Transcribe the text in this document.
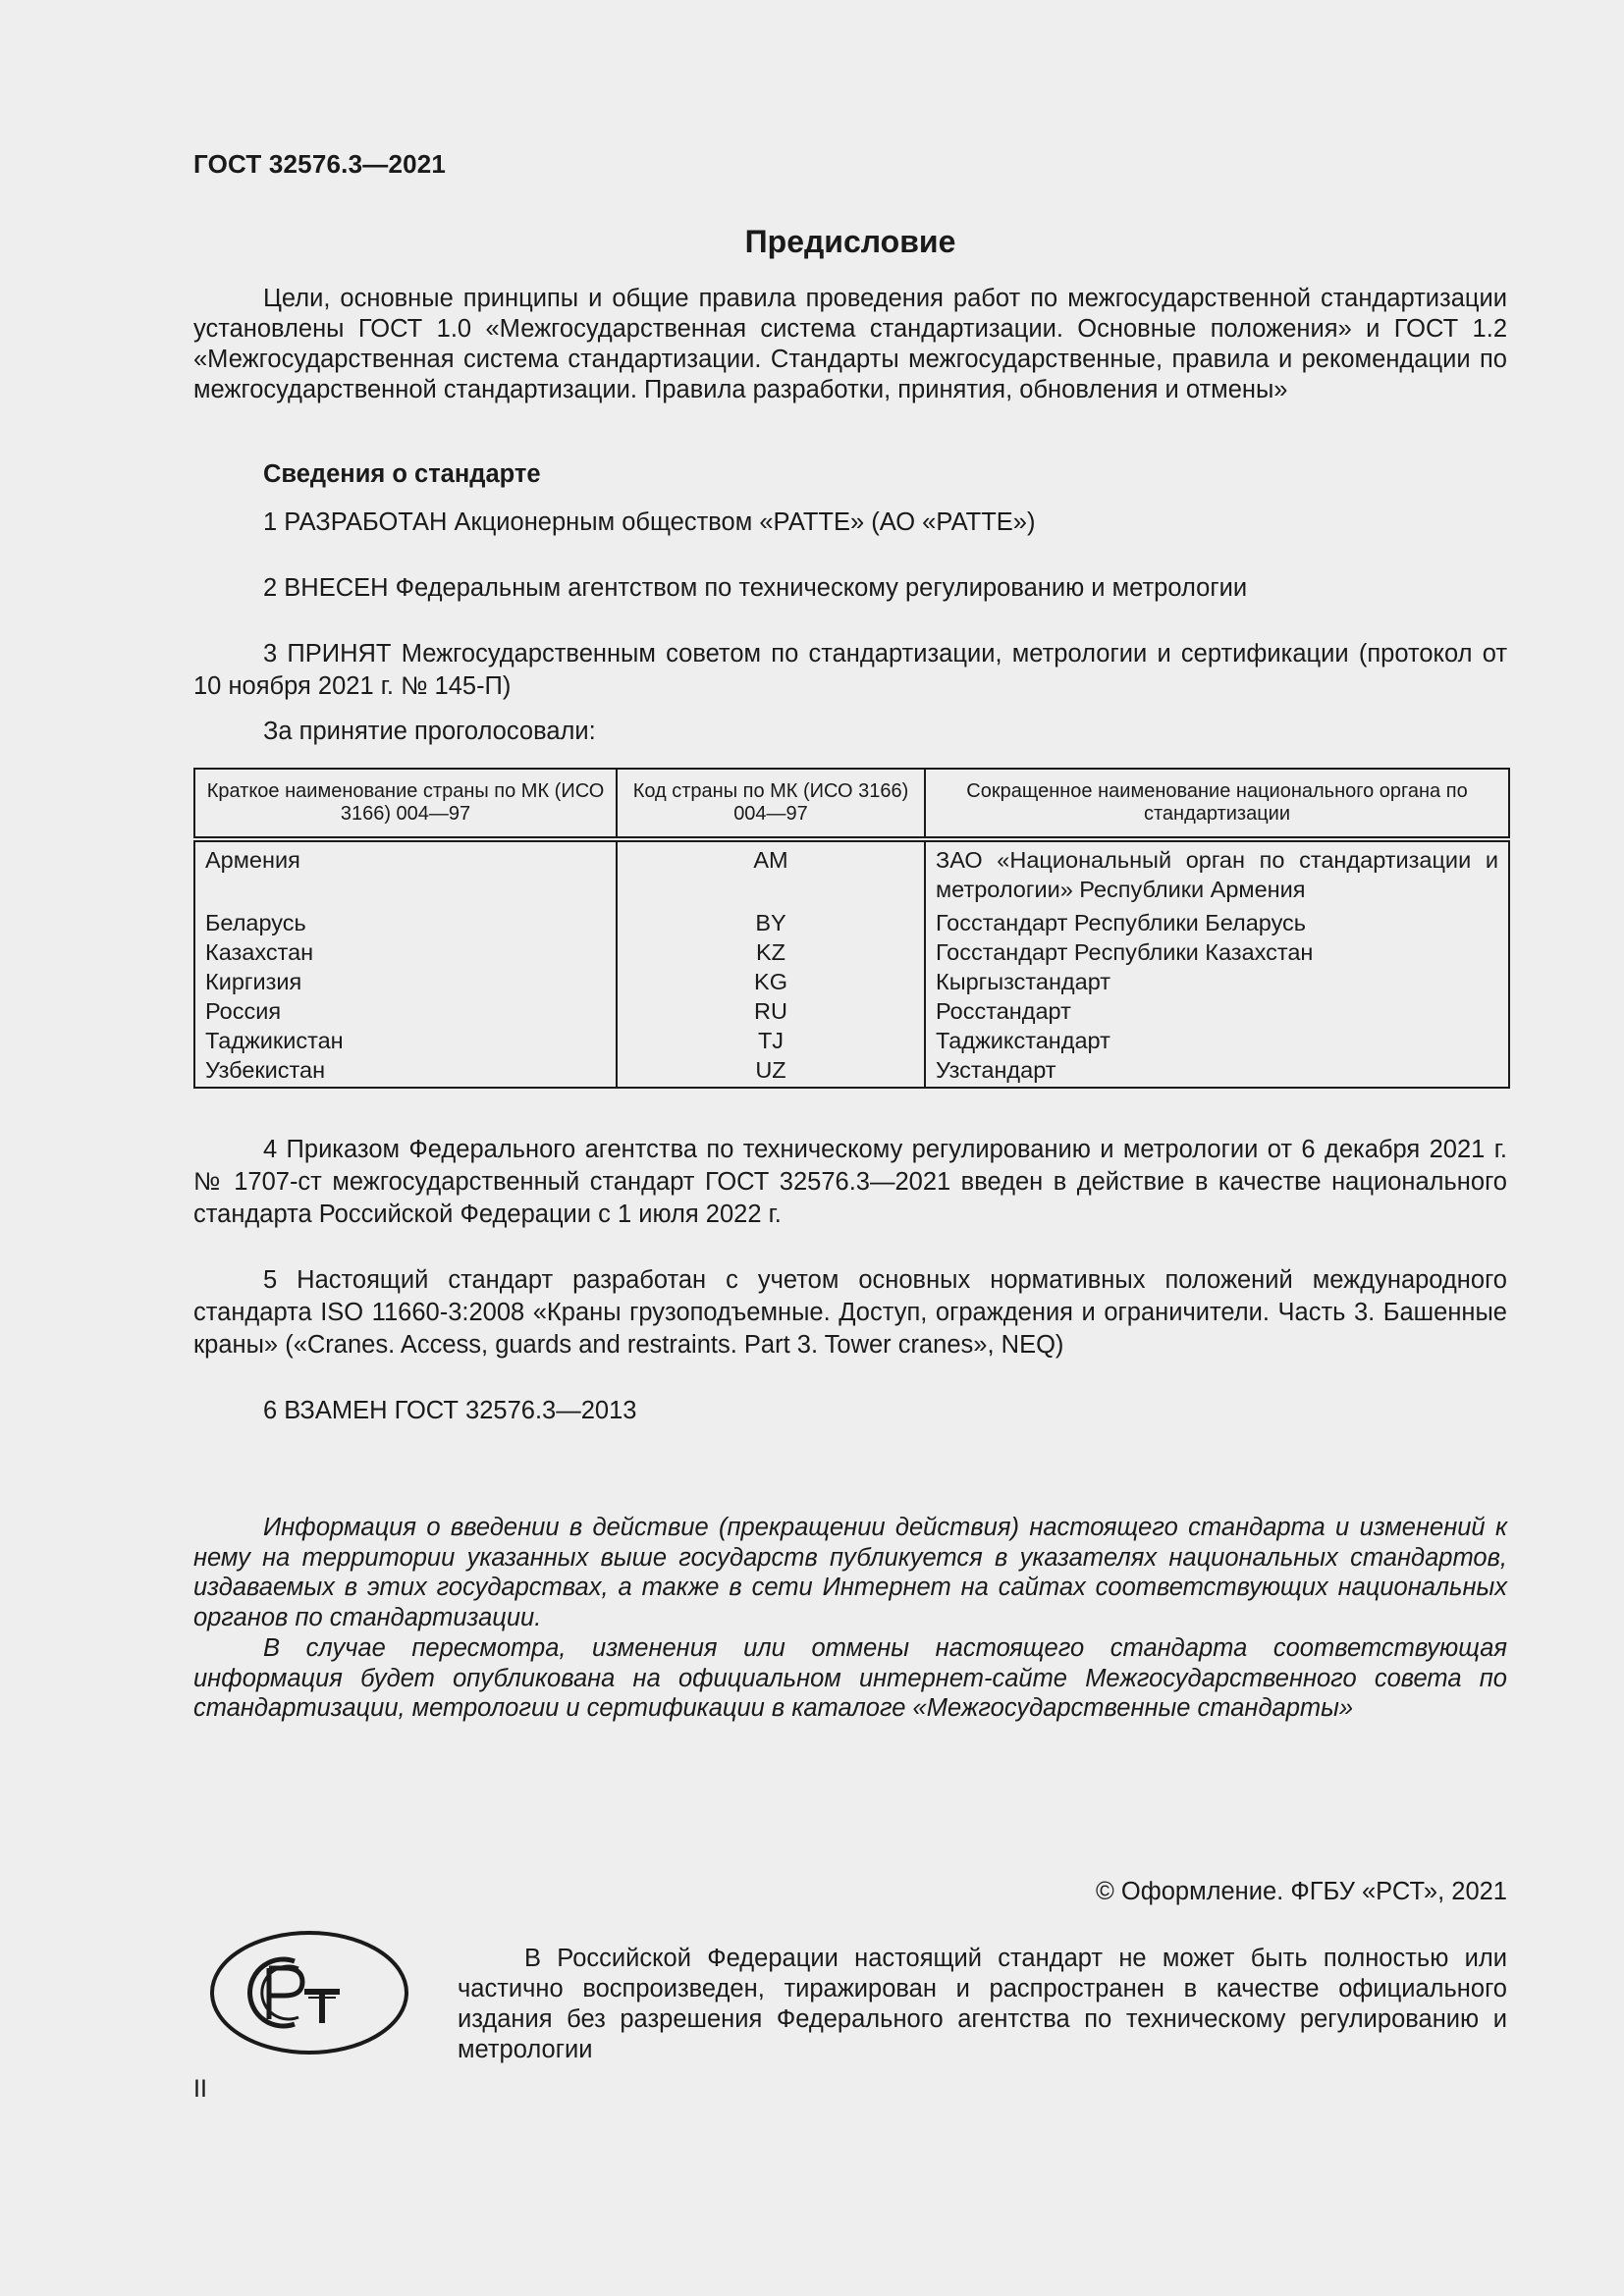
ГОСТ 32576.3—2021
Предисловие
Цели, основные принципы и общие правила проведения работ по межгосударственной стандартизации установлены ГОСТ 1.0 «Межгосударственная система стандартизации. Основные положения» и ГОСТ 1.2 «Межгосударственная система стандартизации. Стандарты межгосударственные, правила и рекомендации по межгосударственной стандартизации. Правила разработки, принятия, обновления и отмены»
Сведения о стандарте
1 РАЗРАБОТАН Акционерным обществом «РАТТЕ» (АО «РАТТЕ»)
2 ВНЕСЕН Федеральным агентством по техническому регулированию и метрологии
3 ПРИНЯТ Межгосударственным советом по стандартизации, метрологии и сертификации (протокол от 10 ноября 2021 г. № 145-П)
За принятие проголосовали:
Краткое наименование страны по МК (ИСО 3166) 004—97	Код страны по МК (ИСО 3166) 004—97	Сокращенное наименование национального органа по стандартизации
Армения	AM	ЗАО «Национальный орган по стандартизации и метрологии» Республики Армения
Беларусь	BY	Госстандарт Республики Беларусь
Казахстан	KZ	Госстандарт Республики Казахстан
Киргизия	KG	Кыргызстандарт
Россия	RU	Росстандарт
Таджикистан	TJ	Таджикстандарт
Узбекистан	UZ	Узстандарт
4 Приказом Федерального агентства по техническому регулированию и метрологии от 6 декабря 2021 г. № 1707-ст межгосударственный стандарт ГОСТ 32576.3—2021 введен в действие в качестве национального стандарта Российской Федерации с 1 июля 2022 г.
5 Настоящий стандарт разработан с учетом основных нормативных положений международного стандарта ISO 11660-3:2008 «Краны грузоподъемные. Доступ, ограждения и ограничители. Часть 3. Башенные краны» («Cranes. Access, guards and restraints. Part 3. Tower cranes», NEQ)
6 ВЗАМЕН ГОСТ 32576.3—2013
Информация о введении в действие (прекращении действия) настоящего стандарта и изменений к нему на территории указанных выше государств публикуется в указателях национальных стандартов, издаваемых в этих государствах, а также в сети Интернет на сайтах соответствующих национальных органов по стандартизации.
В случае пересмотра, изменения или отмены настоящего стандарта соответствующая информация будет опубликована на официальном интернет-сайте Межгосударственного совета по стандартизации, метрологии и сертификации в каталоге «Межгосударственные стандарты»
© Оформление. ФГБУ «РСТ», 2021
В Российской Федерации настоящий стандарт не может быть полностью или частично воспроизведен, тиражирован и распространен в качестве официального издания без разрешения Федерального агентства по техническому регулированию и метрологии
II
